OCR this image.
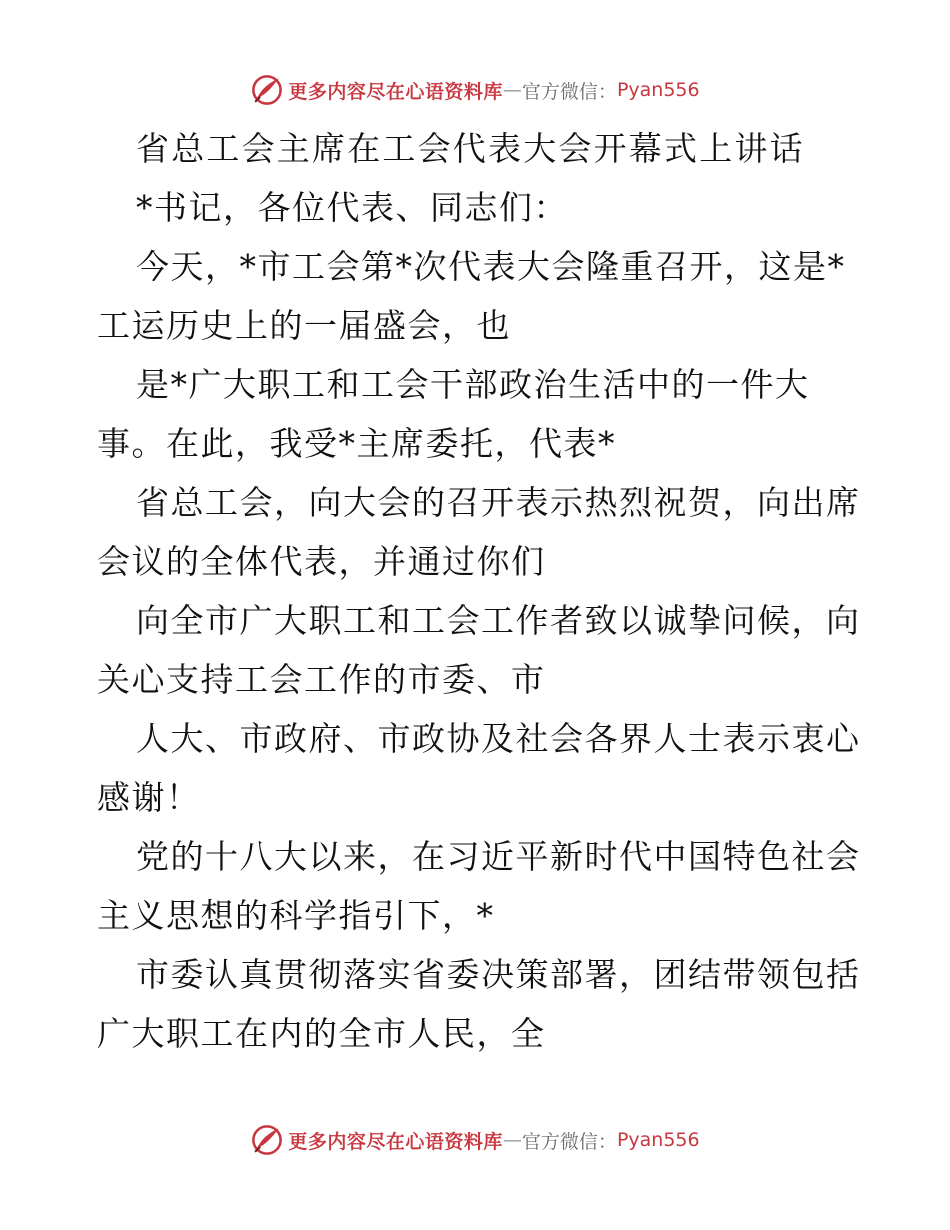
更多内容尽在心语资料库 — 官方微信： Pyan556
省总工会主席在工会代表大会开幕式上讲话
*书记，各位代表、同志们：
今天，*市工会第*次代表大会隆重召开，这是*
工运历史上的一届盛会，也
是*广大职工和工会干部政治生活中的一件大
事。在此，我受*主席委托，代表*
省总工会，向大会的召开表示热烈祝贺，向出席
会议的全体代表，并通过你们
向全市广大职工和工会工作者致以诚挚问候，向
关心支持工会工作的市委、市
人大、市政府、市政协及社会各界人士表示衷心
感谢！
党的十八大以来，在习近平新时代中国特色社会
主义思想的科学指引下，*
市委认真贯彻落实省委决策部署，团结带领包括
广大职工在内的全市人民，全
更多内容尽在心语资料库 — 官方微信： Pyan556
